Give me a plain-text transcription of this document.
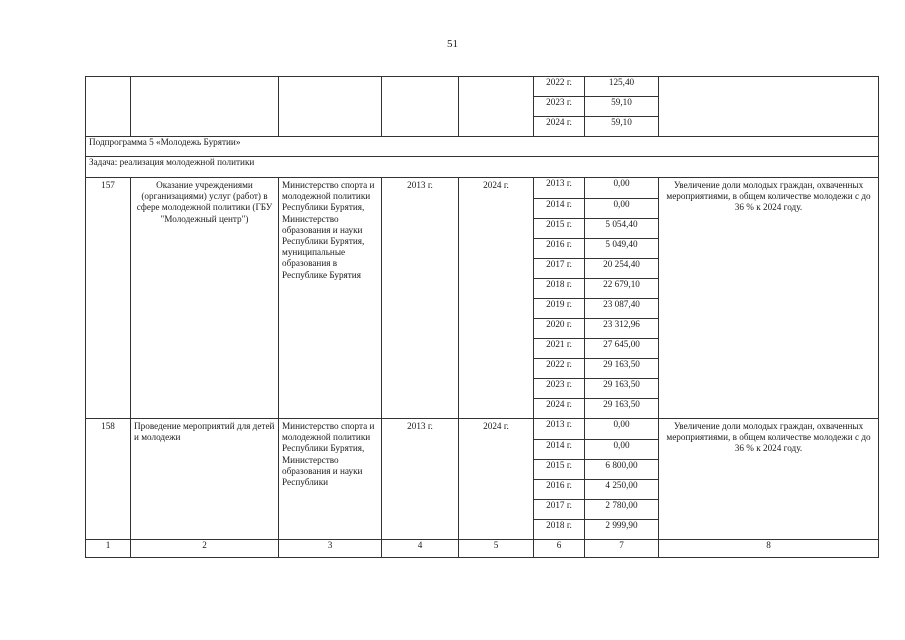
51
					2022 г.	125,40	
					2023 г.	59,10	
					2024 г.	59,10	
Подпрограмма 5 «Молодежь Бурятии»							
Задача: реализация молодежной политики							

157	Оказание учреждениями (организациями) услуг (работ) в сфере молодежной политики (ГБУ "Молодежный центр")	Министерство спорта и молодежной политики Республики Бурятия, Министерство образования и науки Республики Бурятия, муниципальные образования в Республике Бурятия	2013 г.	2024 г.	2013 г.	0,00	Увеличение доли молодых граждан, охваченных мероприятиями, в общем количестве молодежи с до 36 % к 2024 году.

					2014 г.	0,00	
					2015 г.	5 054,40	
					2016 г.	5 049,40	
					2017 г.	20 254,40	
					2018 г.	22 679,10	
					2019 г.	23 087,40	
					2020 г.	23 312,96	
					2021 г.	27 645,00	
					2022 г.	29 163,50	
					2023 г.	29 163,50	
					2024 г.	29 163,50	

158	Проведение мероприятий для детей и молодежи	Министерство спорта и молодежной политики Республики Бурятия, Министерство образования и науки Республики	2013 г.	2024 г.	2013 г.	0,00	Увеличение доли молодых граждан, охваченных мероприятиями, в общем количестве молодежи с до 36 % к 2024 году.

					2014 г.	0,00	
					2015 г.	6 800,00	
					2016 г.	4 250,00	
					2017 г.	2 780,00	
					2018 г.	2 999,90	
1	2	3	4	5	6	7	8
